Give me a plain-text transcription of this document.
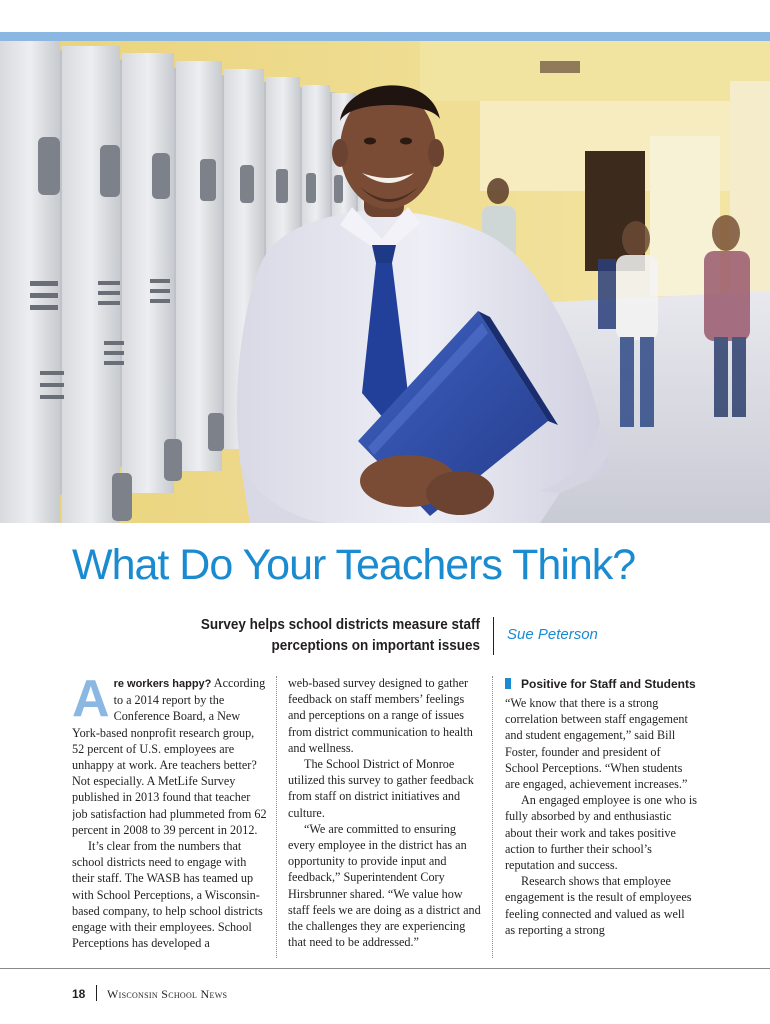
What Do Your Teachers Think?
Survey helps school districts measure staff perceptions on important issues
Sue Peterson

Are workers happy? According to a 2014 report by the Conference Board, a New York-based nonprofit research group, 52 percent of U.S. employees are unhappy at work. Are teachers better? Not especially. A MetLife Survey published in 2013 found that teacher job satisfaction had plummeted from 62 percent in 2008 to 39 percent in 2012.

It’s clear from the numbers that school districts need to engage with their staff. The WASB has teamed up with School Perceptions, a Wisconsin-based company, to help school districts engage with their employees. School Perceptions has developed a

web-based survey designed to gather feedback on staff members’ feelings and perceptions on a range of issues from district communication to health and wellness.

The School District of Monroe utilized this survey to gather feedback from staff on district initiatives and culture.

“We are committed to ensuring every employee in the district has an opportunity to provide input and feedback,” Superintendent Cory Hirsbrunner shared. “We value how staff feels we are doing as a district and the challenges they are experiencing that need to be addressed.”

Positive for Staff and Students

“We know that there is a strong correlation between staff engagement and student engagement,” said Bill Foster, founder and president of School Perceptions. “When students are engaged, achievement increases.”

An engaged employee is one who is fully absorbed by and enthusiastic about their work and takes positive action to further their school’s reputation and success.

Research shows that employee engagement is the result of employees feeling connected and valued as well as reporting a strong

18 Wisconsin School News
